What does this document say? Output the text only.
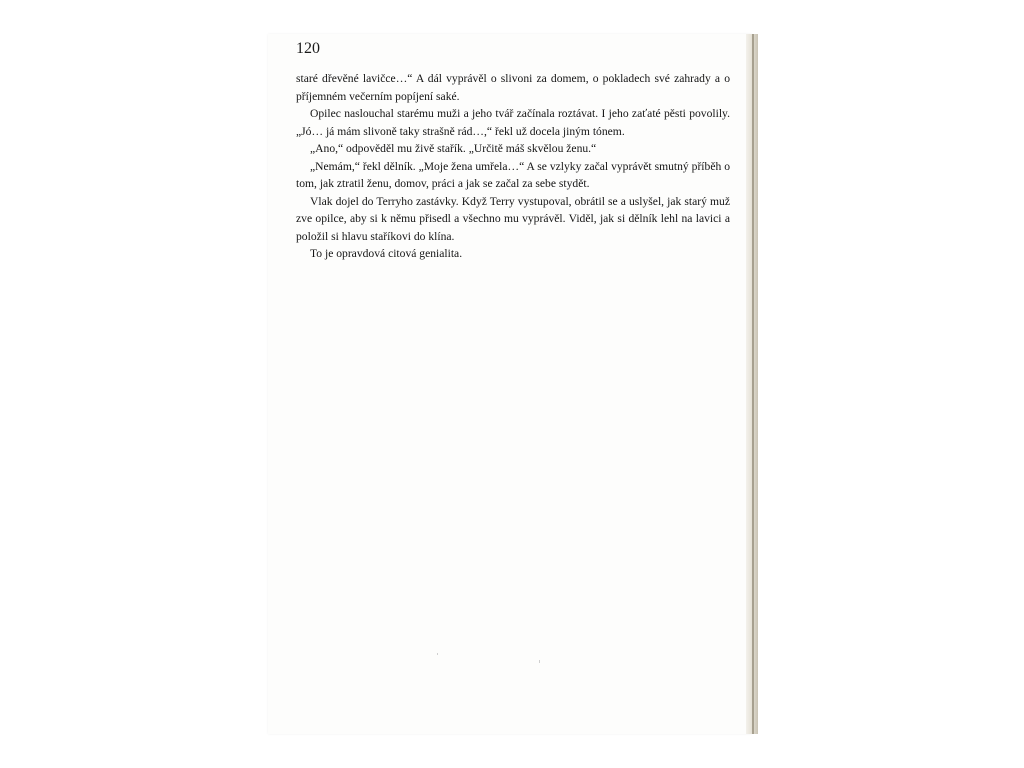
120

staré dřevěné lavičce…“ A dál vyprávěl o slivoni za domem, o pokladech své zahrady a o příjemném večerním popíjení saké.

Opilec naslouchal starému muži a jeho tvář začínala roztávat. I jeho zaťaté pěsti povolily. „Jó… já mám slivoně taky strašně rád…,“ řekl už docela jiným tónem.

„Ano,“ odpověděl mu živě stařík. „Určitě máš skvělou ženu.“

„Nemám,“ řekl dělník. „Moje žena umřela…“ A se vzlyky začal vyprávět smutný příběh o tom, jak ztratil ženu, domov, práci a jak se začal za sebe stydět.

Vlak dojel do Terryho zastávky. Když Terry vystupoval, obrátil se a uslyšel, jak starý muž zve opilce, aby si k němu přisedl a všechno mu vyprávěl. Viděl, jak si dělník lehl na lavici a položil si hlavu staříkovi do klína.

To je opravdová citová genialita.
